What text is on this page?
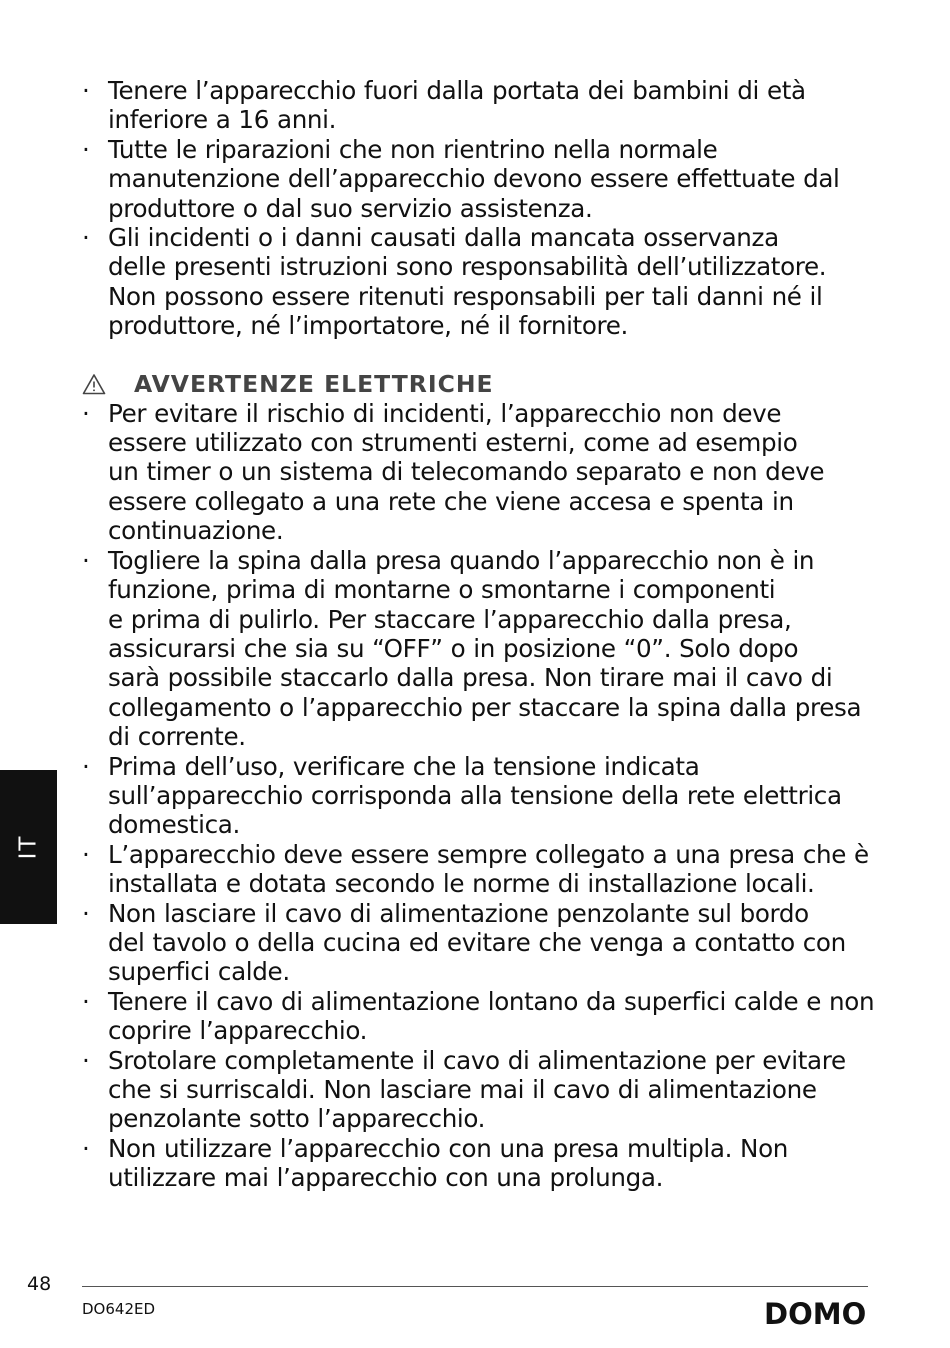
· Tenere l’apparecchio fuori dalla portata dei bambini di età
inferiore a 16 anni.
· Tutte le riparazioni che non rientrino nella normale
manutenzione dell’apparecchio devono essere effettuate dal
produttore o dal suo servizio assistenza.
· Gli incidenti o i danni causati dalla mancata osservanza
delle presenti istruzioni sono responsabilità dell’utilizzatore.
Non possono essere ritenuti responsabili per tali danni né il
produttore, né l’importatore, né il fornitore.
AVVERTENZE ELETTRICHE
· Per evitare il rischio di incidenti, l’apparecchio non deve
essere utilizzato con strumenti esterni, come ad esempio
un timer o un sistema di telecomando separato e non deve
essere collegato a una rete che viene accesa e spenta in
continuazione.
· Togliere la spina dalla presa quando l’apparecchio non è in
funzione, prima di montarne o smontarne i componenti
e prima di pulirlo. Per staccare l’apparecchio dalla presa,
assicurarsi che sia su “OFF” o in posizione “0”. Solo dopo
sarà possibile staccarlo dalla presa. Non tirare mai il cavo di
collegamento o l’apparecchio per staccare la spina dalla presa
di corrente.
· Prima dell’uso, verificare che la tensione indicata
sull’apparecchio corrisponda alla tensione della rete elettrica
domestica.
· L’apparecchio deve essere sempre collegato a una presa che è
installata e dotata secondo le norme di installazione locali.
· Non lasciare il cavo di alimentazione penzolante sul bordo
del tavolo o della cucina ed evitare che venga a contatto con
superfici calde.
· Tenere il cavo di alimentazione lontano da superfici calde e non
coprire l’apparecchio.
· Srotolare completamente il cavo di alimentazione per evitare
che si surriscaldi. Non lasciare mai il cavo di alimentazione
penzolante sotto l’apparecchio.
· Non utilizzare l’apparecchio con una presa multipla. Non
utilizzare mai l’apparecchio con una prolunga.
IT
48
DO642ED	DOMO
